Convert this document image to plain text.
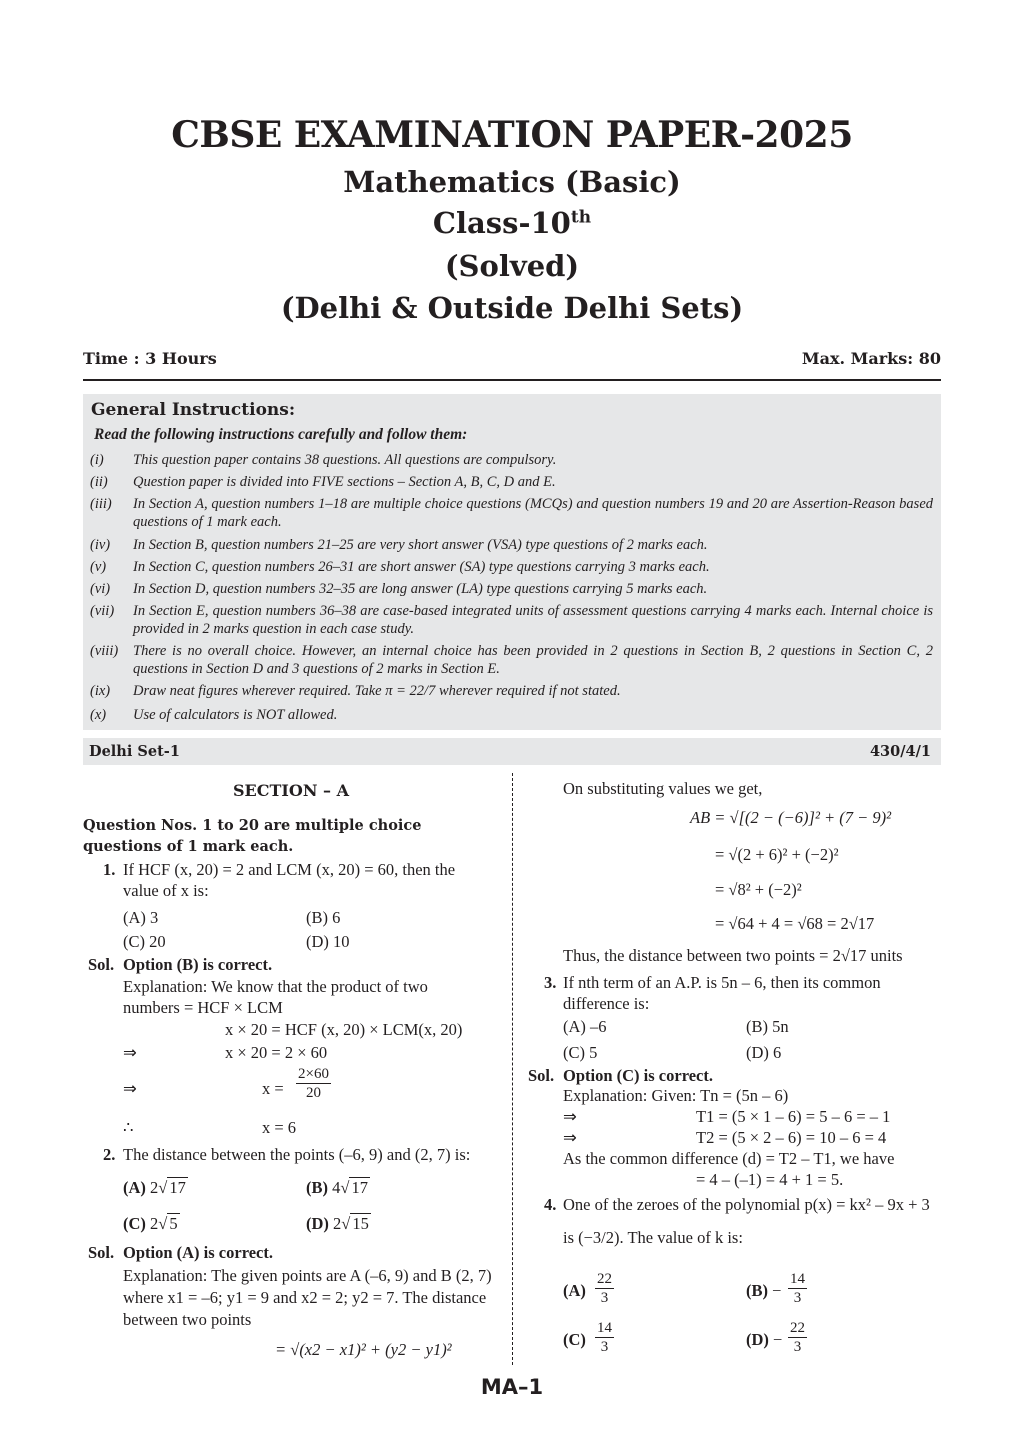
CBSE EXAMINATION PAPER-2025
Mathematics (Basic)
Class-10th
(Solved)
(Delhi & Outside Delhi Sets)
Time : 3 Hours	Max. Marks: 80
General Instructions:
Read the following instructions carefully and follow them:
(i) This question paper contains 38 questions. All questions are compulsory.
(ii) Question paper is divided into FIVE sections – Section A, B, C, D and E.
(iii) In Section A, question numbers 1–18 are multiple choice questions (MCQs) and question numbers 19 and 20 are Assertion-Reason based questions of 1 mark each.
(iv) In Section B, question numbers 21–25 are very short answer (VSA) type questions of 2 marks each.
(v) In Section C, question numbers 26–31 are short answer (SA) type questions carrying 3 marks each.
(vi) In Section D, question numbers 32–35 are long answer (LA) type questions carrying 5 marks each.
(vii) In Section E, question numbers 36–38 are case-based integrated units of assessment questions carrying 4 marks each. Internal choice is provided in 2 marks question in each case study.
(viii) There is no overall choice. However, an internal choice has been provided in 2 questions in Section B, 2 questions in Section C, 2 questions in Section D and 3 questions of 2 marks in Section E.
(ix) Draw neat figures wherever required. Take π = 22/7 wherever required if not stated.
(x) Use of calculators is NOT allowed.
Delhi Set-1	430/4/1
SECTION – A
Question Nos. 1 to 20 are multiple choice questions of 1 mark each.
1. If HCF (x, 20) = 2 and LCM (x, 20) = 60, then the
value of x is:
(A) 3	(B) 6
(C) 20	(D) 10
Sol. Option (B) is correct.
Explanation: We know that the product of two
numbers = HCF × LCM
x × 20 = HCF (x, 20) × LCM(x, 20)
⇒	x × 20 = 2 × 60
⇒	$x = \frac{2\times 60}{20}$
∴	x = 6
2. The distance between the points (–6, 9) and (2, 7) is:
(A) 2√ 17	(B) 4√ 17
(C) 2√ 5	(D) 2√ 15
Sol. Option (A) is correct.
Explanation: The given points are A (–6, 9) and B (2, 7)
where x1 = –6; y1 = 9 and x2 = 2; y2 = 7. The distance
between two points
= √(x2 − x1)² + (y2 − y1)²
On substituting values we get,
AB = √[(2 − (−6)]² + (7 − 9)²
= √(2 + 6)² + (−2)²
= √8² + (−2)²
= √64 + 4 = √68 = 2√17
Thus, the distance between two points = 2√17 units
3. If nth term of an A.P. is 5n – 6, then its common
difference is:
(A) –6	(B) 5n
(C) 5	(D) 6
Sol. Option (C) is correct.
Explanation: Given: Tn = (5n – 6)
⇒	T1 = (5 × 1 – 6) = 5 – 6 = – 1
⇒	T2 = (5 × 2 – 6) = 10 – 6 = 4
As the common difference (d) = T2 – T1, we have
= 4 – (–1) = 4 + 1 = 5.
4. One of the zeroes of the polynomial p(x) = kx² – 9x + 3
is (−3/2). The value of k is:
$(A) \frac{22}{3}$	$(B) - \frac{14}{3}$
$(C) \frac{14}{3}$	$(D) - \frac{22}{3}$
MA–1
